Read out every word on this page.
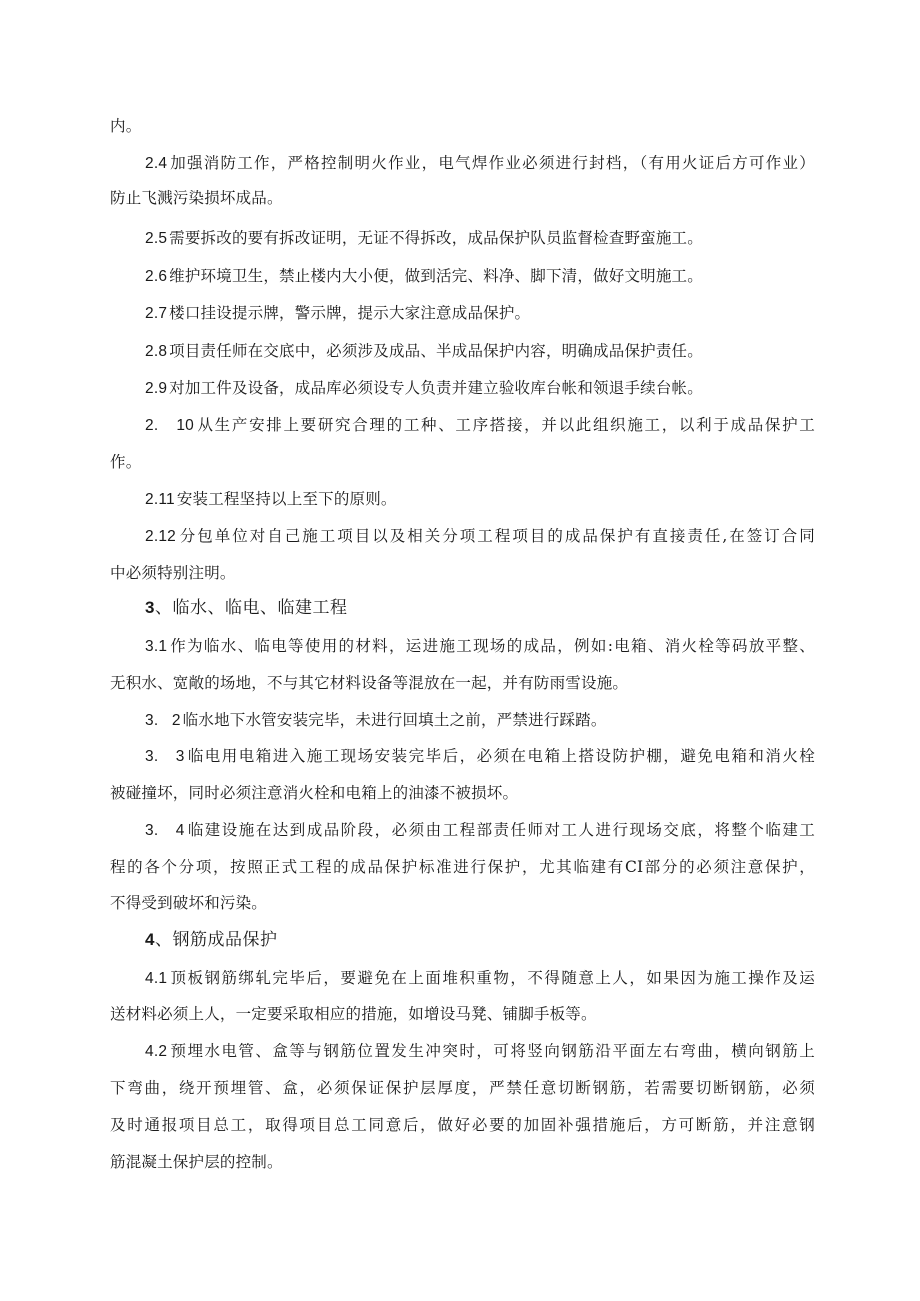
内。
2.4 加强消防工作，严格控制明火作业，电气焊作业必须进行封档，（有用火证后方可作业）
防止飞溅污染损坏成品。
2.5 需要拆改的要有拆改证明，无证不得拆改，成品保护队员监督检查野蛮施工。
2.6 维护环境卫生，禁止楼内大小便，做到活完、料净、脚下清，做好文明施工。
2.7 楼口挂设提示牌，警示牌，提示大家注意成品保护。
2.8 项目责任师在交底中，必须涉及成品、半成品保护内容，明确成品保护责任。
2.9 对加工件及设备，成品库必须设专人负责并建立验收库台帐和领退手续台帐。
2.   10 从生产安排上要研究合理的工种、工序搭接，并以此组织施工，以利于成品保护工
作。
2.11 安装工程坚持以上至下的原则。
2.12 分包单位对自己施工项目以及相关分项工程项目的成品保护有直接责任,在签订合同
中必须特别注明。
3、临水、临电、临建工程
3.1 作为临水、临电等使用的材料，运进施工现场的成品，例如:电箱、消火栓等码放平整、
无积水、宽敞的场地，不与其它材料设备等混放在一起，并有防雨雪设施。
3.   2 临水地下水管安装完毕，未进行回填土之前，严禁进行踩踏。
3.   3 临电用电箱进入施工现场安装完毕后，必须在电箱上搭设防护棚，避免电箱和消火栓
被碰撞坏，同时必须注意消火栓和电箱上的油漆不被损坏。
3.   4 临建设施在达到成品阶段，必须由工程部责任师对工人进行现场交底，将整个临建工
程的各个分项，按照正式工程的成品保护标准进行保护，尤其临建有CI部分的必须注意保护，
不得受到破坏和污染。
4、钢筋成品保护
4.1 顶板钢筋绑轧完毕后，要避免在上面堆积重物，不得随意上人，如果因为施工操作及运
送材料必须上人，一定要采取相应的措施，如增设马凳、铺脚手板等。
4.2 预埋水电管、盒等与钢筋位置发生冲突时，可将竖向钢筋沿平面左右弯曲，横向钢筋上
下弯曲，绕开预埋管、盒，必须保证保护层厚度，严禁任意切断钢筋，若需要切断钢筋，必须
及时通报项目总工，取得项目总工同意后，做好必要的加固补强措施后，方可断筋，并注意钢
筋混凝土保护层的控制。
